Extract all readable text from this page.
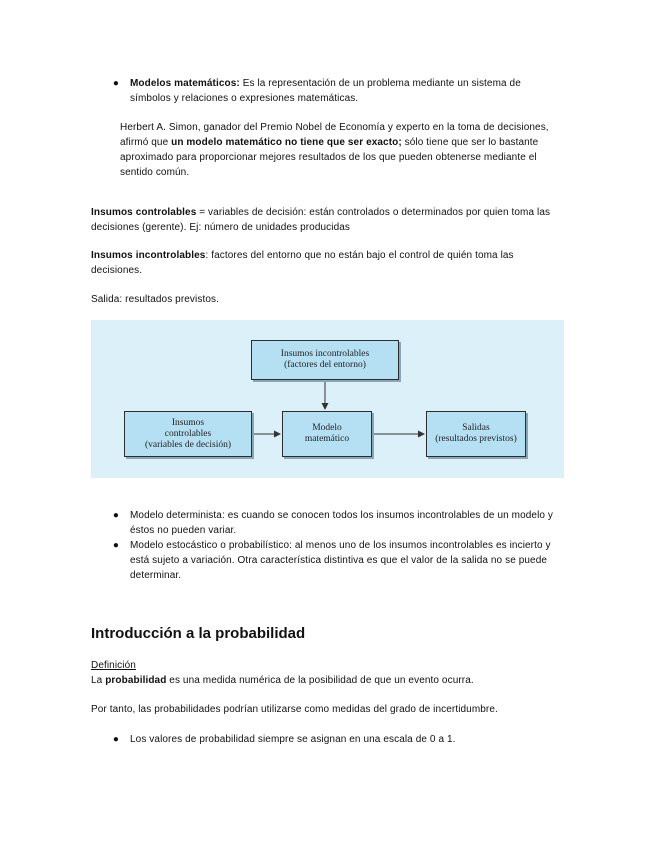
● Modelos matemáticos: Es la representación de un problema mediante un sistema de
símbolos y relaciones o expresiones matemáticas.

Herbert A. Simon, ganador del Premio Nobel de Economía y experto en la toma de decisiones, afirmó que un modelo matemático no tiene que ser exacto; sólo tiene que ser lo bastante aproximado para proporcionar mejores resultados de los que pueden obtenerse mediante el sentido común.

Insumos controlables = variables de decisión: están controlados o determinados por quien toma las decisiones (gerente). Ej: número de unidades producidas

Insumos incontrolables: factores del entorno que no están bajo el control de quién toma las decisiones.

Salida: resultados previstos.

Insumos incontrolables
(factores del entorno)
Insumos
controlables
(variables de decisión)
Modelo
matemático
Salidas
(resultados previstos)
● Modelo determinista: es cuando se conocen todos los insumos incontrolables de un modelo y éstos no pueden variar.
● Modelo estocástico o probabilístico: al menos uno de los insumos incontrolables es incierto y está sujeto a variación. Otra característica distintiva es que el valor de la salida no se puede determinar.
Introducción a la probabilidad
Definición

La probabilidad es una medida numérica de la posibilidad de que un evento ocurra.

Por tanto, las probabilidades podrían utilizarse como medidas del grado de incertidumbre.

● Los valores de probabilidad siempre se asignan en una escala de 0 a 1.
